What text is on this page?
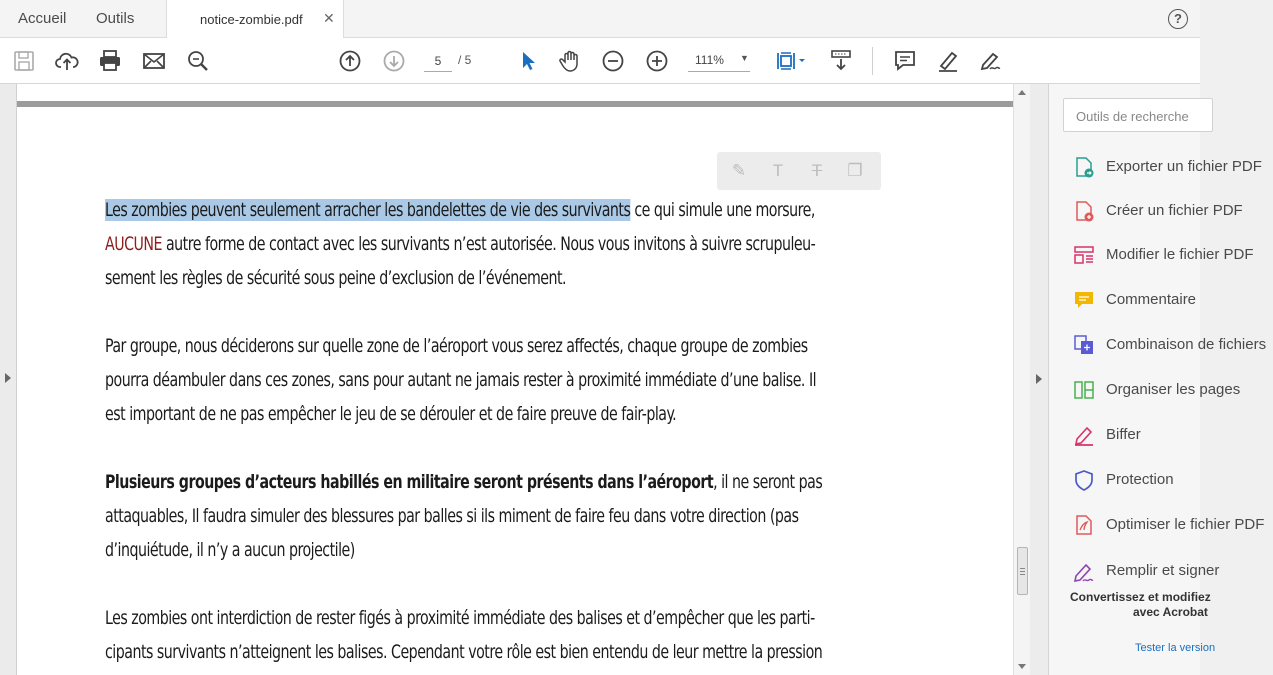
Accueil Outils	notice-zombie.pdf ✕	?
5
/ 5	111% ▼
✎ T T ❐
Les zombies peuvent seulement arracher les bandelettes de vie des survivants ce qui simule une morsure,
AUCUNE autre forme de contact avec les survivants n’est autorisée. Nous vous invitons à suivre scrupuleu-
sement les règles de sécurité sous peine d’exclusion de l’événement.
Par groupe, nous déciderons sur quelle zone de l’aéroport vous serez affectés, chaque groupe de zombies
pourra déambuler dans ces zones, sans pour autant ne jamais rester à proximité immédiate d’une balise. Il
est important de ne pas empêcher le jeu de se dérouler et de faire preuve de fair-play.
Plusieurs groupes d’acteurs habillés en militaire seront présents dans l’aéroport, il ne seront pas
attaquables, Il faudra simuler des blessures par balles si ils miment de faire feu dans votre direction (pas
d’inquiétude, il n’y a aucun projectile)
Les zombies ont interdiction de rester figés à proximité immédiate des balises et d’empêcher que les parti-
cipants survivants n’atteignent les balises. Cependant votre rôle est bien entendu de leur mettre la pression
Outils de recherche
Exporter un fichier PDF
Créer un fichier PDF
Modifier le fichier PDF
Commentaire
Combinaison de fichiers
Organiser les pages
Biffer
Protection
Optimiser le fichier PDF
Remplir et signer
Convertissez et modifiez
avec Acrobat
Tester la version
